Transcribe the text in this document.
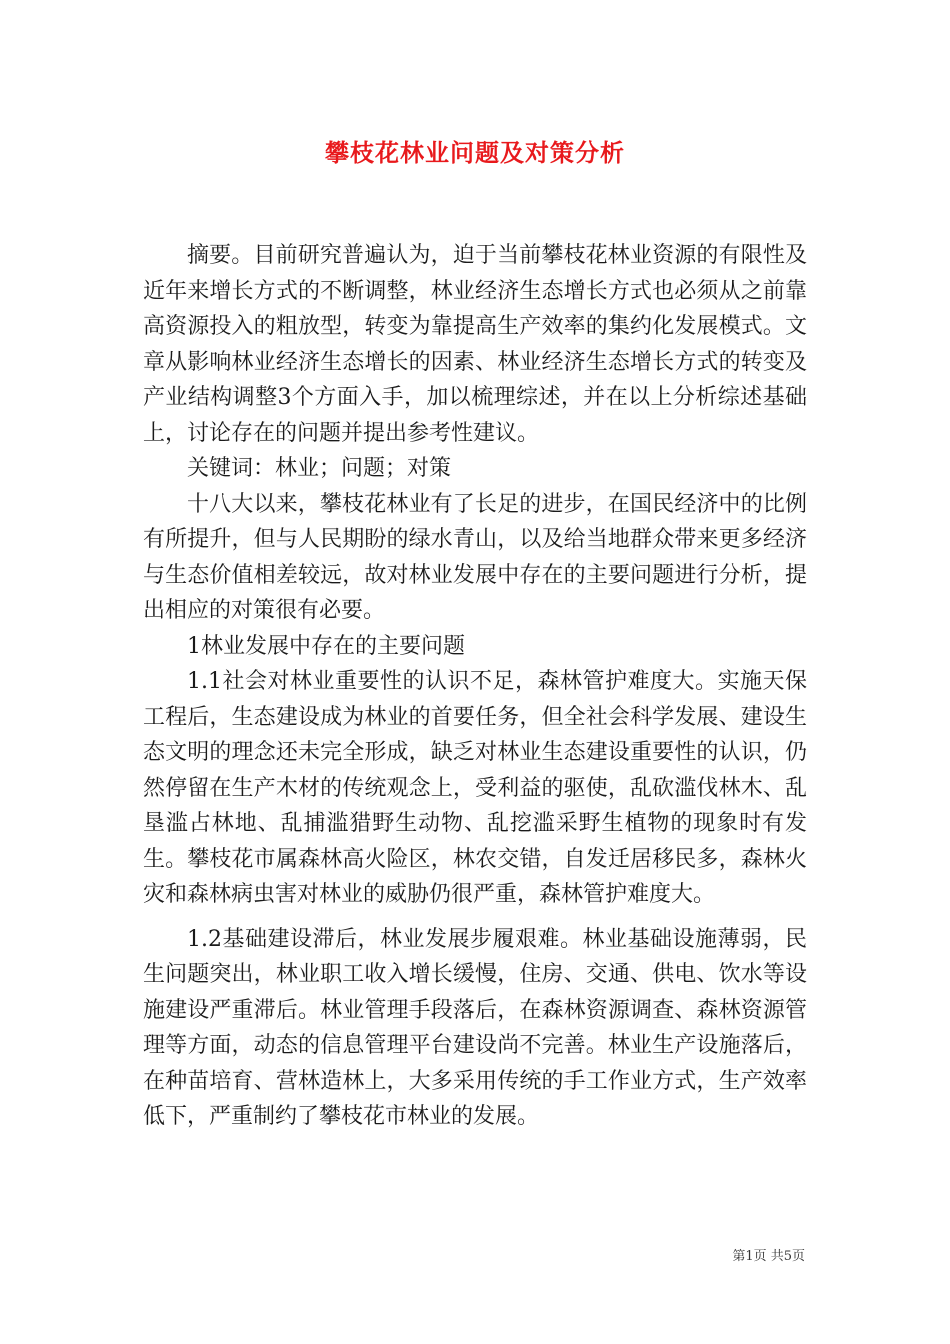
攀枝花林业问题及对策分析

摘要。目前研究普遍认为，迫于当前攀枝花林业资源的有限性及近年来增长方式的不断调整，林业经济生态增长方式也必须从之前靠高资源投入的粗放型，转变为靠提高生产效率的集约化发展模式。文章从影响林业经济生态增长的因素、林业经济生态增长方式的转变及产业结构调整3个方面入手，加以梳理综述，并在以上分析综述基础上，讨论存在的问题并提出参考性建议。

关键词：林业；问题；对策

十八大以来，攀枝花林业有了长足的进步，在国民经济中的比例有所提升，但与人民期盼的绿水青山，以及给当地群众带来更多经济与生态价值相差较远，故对林业发展中存在的主要问题进行分析，提出相应的对策很有必要。

1林业发展中存在的主要问题

1.1社会对林业重要性的认识不足，森林管护难度大。实施天保工程后，生态建设成为林业的首要任务，但全社会科学发展、建设生态文明的理念还未完全形成，缺乏对林业生态建设重要性的认识，仍然停留在生产木材的传统观念上，受利益的驱使，乱砍滥伐林木、乱垦滥占林地、乱捕滥猎野生动物、乱挖滥采野生植物的现象时有发生。攀枝花市属森林高火险区，林农交错，自发迁居移民多，森林火灾和森林病虫害对林业的威胁仍很严重，森林管护难度大。

1.2基础建设滞后，林业发展步履艰难。林业基础设施薄弱，民生问题突出，林业职工收入增长缓慢，住房、交通、供电、饮水等设施建设严重滞后。林业管理手段落后，在森林资源调查、森林资源管理等方面，动态的信息管理平台建设尚不完善。林业生产设施落后，在种苗培育、营林造林上，大多采用传统的手工作业方式，生产效率低下，严重制约了攀枝花市林业的发展。

第1页 共5页
